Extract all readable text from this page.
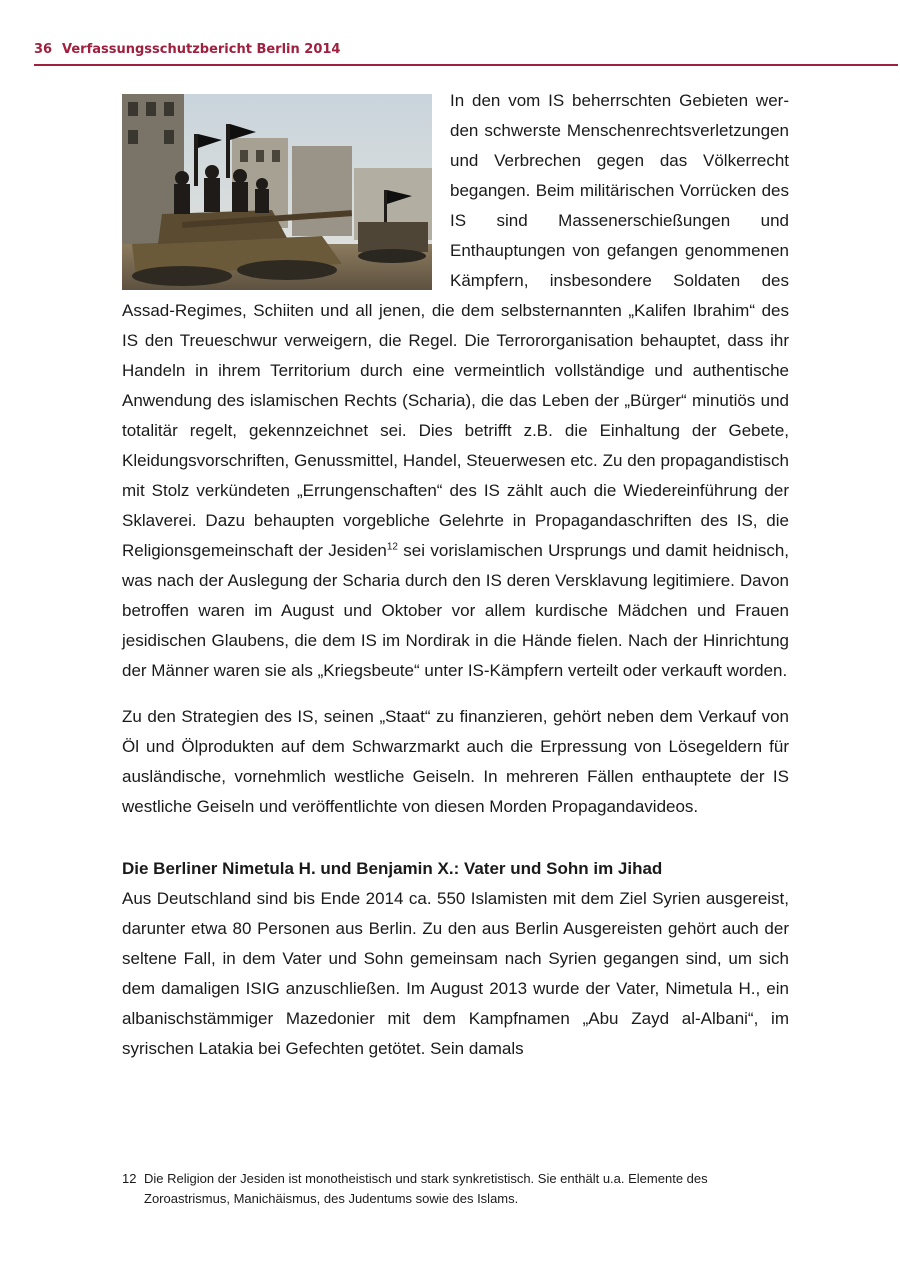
36 Verfassungsschutzbericht Berlin 2014

In den vom IS beherrschten Gebieten werden schwerste Menschenrechtsverletzungen und Verbrechen gegen das Völkerrecht begangen. Beim militärischen Vorrücken des IS sind Massenerschießungen und Enthauptungen von gefangen genommenen Kämpfern, insbesondere Soldaten des Assad-Regimes, Schiiten und all jenen, die dem selbsternannten „Kalifen Ibrahim“ des IS den Treueschwur verweigern, die Regel. Die Terrororganisation behauptet, dass ihr Handeln in ihrem Territorium durch eine vermeintlich vollständige und authentische Anwendung des islamischen Rechts (Scharia), die das Leben der „Bürger“ minutiös und totalitär regelt, gekennzeichnet sei. Dies betrifft z.B. die Einhaltung der Gebete, Kleidungsvorschriften, Genussmittel, Handel, Steuerwesen etc. Zu den propagandistisch mit Stolz verkündeten „Errungenschaften“ des IS zählt auch die Wiedereinführung der Sklaverei. Dazu behaupten vorgebliche Gelehrte in Propagandaschriften des IS, die Religionsgemeinschaft der Jesiden$^{12}$ sei vorislamischen Ursprungs und damit heidnisch, was nach der Auslegung der Scharia durch den IS deren Versklavung legitimiere. Davon betroffen waren im August und Oktober vor allem kurdische Mädchen und Frauen jesidischen Glaubens, die dem IS im Nordirak in die Hände fielen. Nach der Hinrichtung der Männer waren sie als „Kriegsbeute“ unter IS-Kämpfern verteilt oder verkauft worden.

Zu den Strategien des IS, seinen „Staat“ zu finanzieren, gehört neben dem Verkauf von Öl und Ölprodukten auf dem Schwarzmarkt auch die Erpressung von Lösegeldern für ausländische, vornehmlich westliche Geiseln. In mehreren Fällen enthauptete der IS westliche Geiseln und veröffentlichte von diesen Morden Propagandavideos.

Die Berliner Nimetula H. und Benjamin X.: Vater und Sohn im Jihad

Aus Deutschland sind bis Ende 2014 ca. 550 Islamisten mit dem Ziel Syrien ausgereist, darunter etwa 80 Personen aus Berlin. Zu den aus Berlin Ausgereisten gehört auch der seltene Fall, in dem Vater und Sohn gemeinsam nach Syrien gegangen sind, um sich dem damaligen ISIG anzuschließen. Im August 2013 wurde der Vater, Nimetula H., ein albanischstämmiger Mazedonier mit dem Kampfnamen „Abu Zayd al-Albani“, im syrischen Latakia bei Gefechten getötet. Sein damals

12 Die Religion der Jesiden ist monotheistisch und stark synkretistisch. Sie enthält u.a. Elemente des Zoroastrismus, Manichäismus, des Judentums sowie des Islams.
